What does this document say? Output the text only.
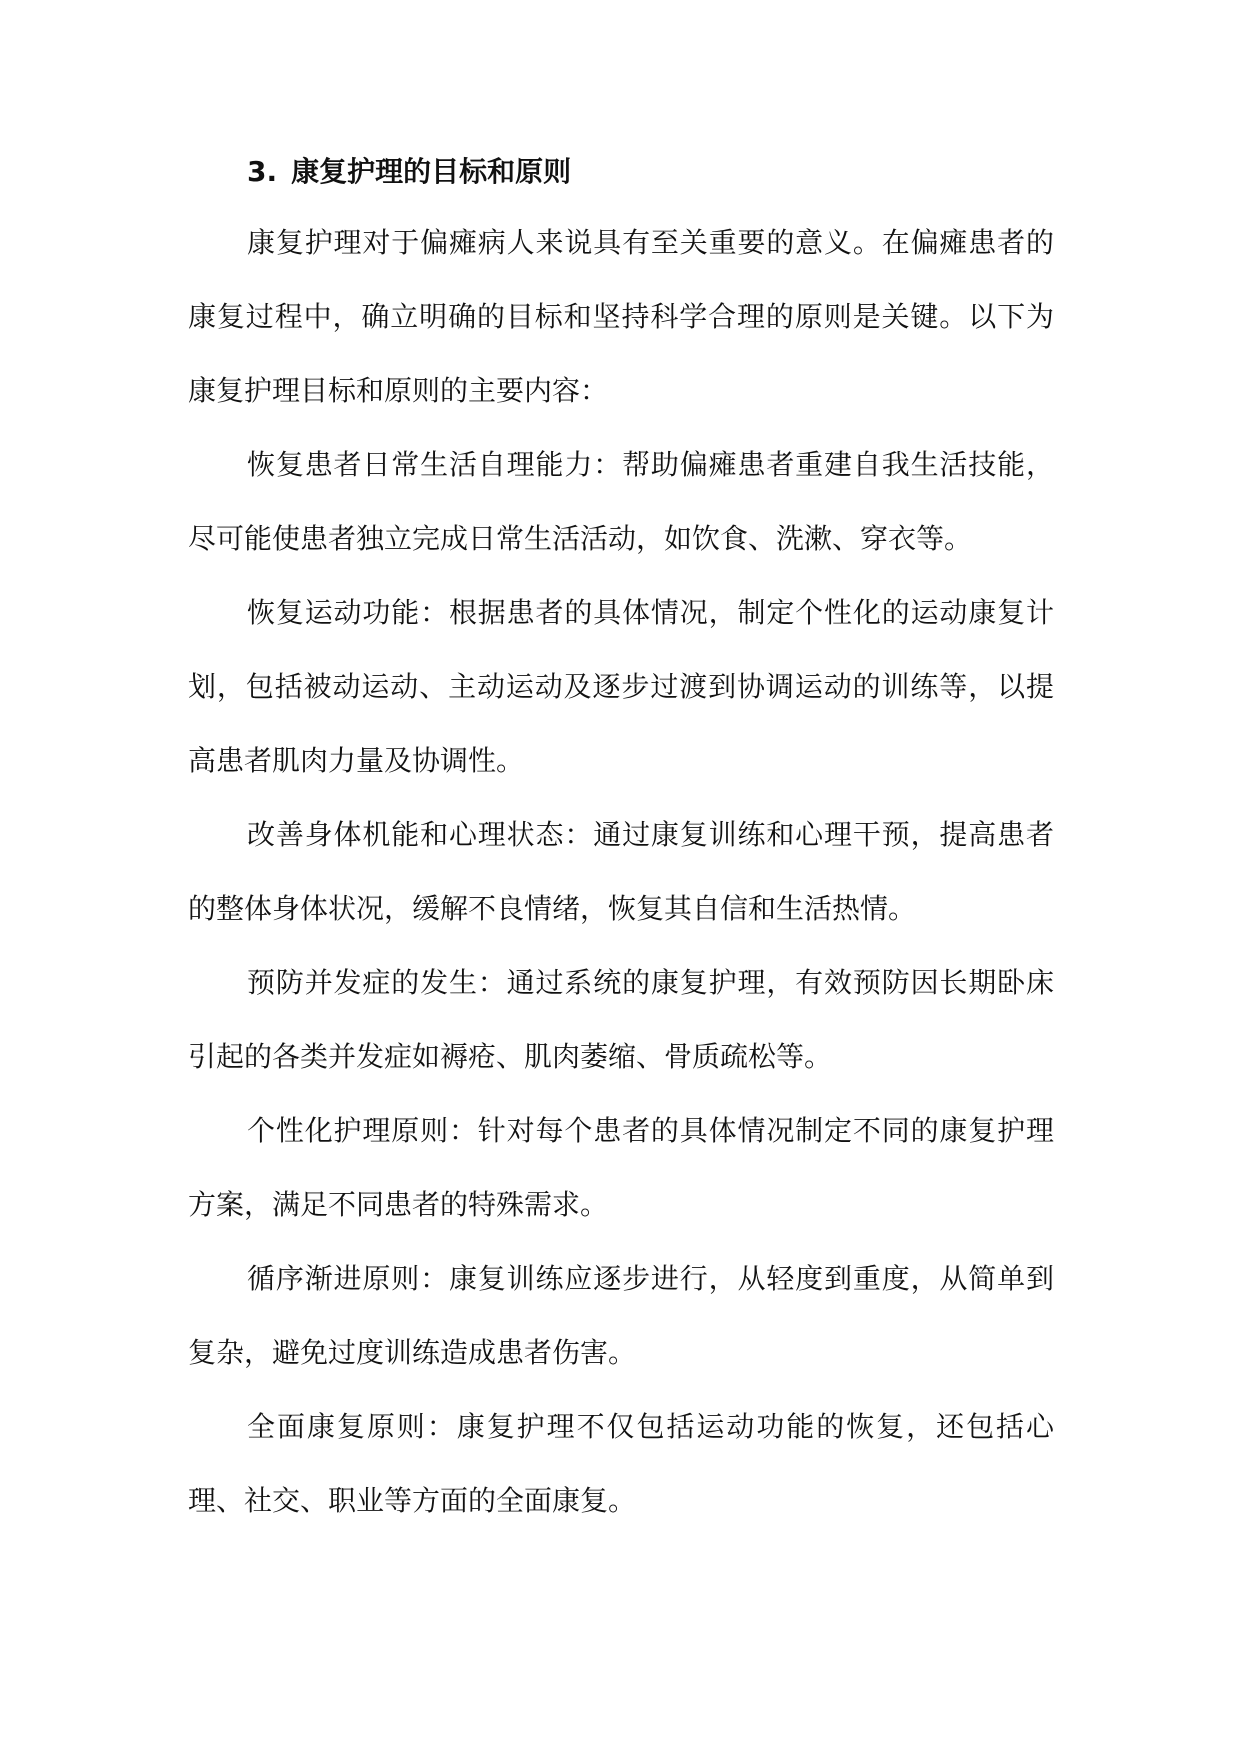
3. 康复护理的目标和原则

康复护理对于偏瘫病人来说具有至关重要的意义。在偏瘫患者的康复过程中，确立明确的目标和坚持科学合理的原则是关键。以下为康复护理目标和原则的主要内容：

恢复患者日常生活自理能力：帮助偏瘫患者重建自我生活技能，尽可能使患者独立完成日常生活活动，如饮食、洗漱、穿衣等。

恢复运动功能：根据患者的具体情况，制定个性化的运动康复计划，包括被动运动、主动运动及逐步过渡到协调运动的训练等，以提高患者肌肉力量及协调性。

改善身体机能和心理状态：通过康复训练和心理干预，提高患者的整体身体状况，缓解不良情绪，恢复其自信和生活热情。

预防并发症的发生：通过系统的康复护理，有效预防因长期卧床引起的各类并发症如褥疮、肌肉萎缩、骨质疏松等。

个性化护理原则：针对每个患者的具体情况制定不同的康复护理方案，满足不同患者的特殊需求。

循序渐进原则：康复训练应逐步进行，从轻度到重度，从简单到复杂，避免过度训练造成患者伤害。

全面康复原则：康复护理不仅包括运动功能的恢复，还包括心理、社交、职业等方面的全面康复。
